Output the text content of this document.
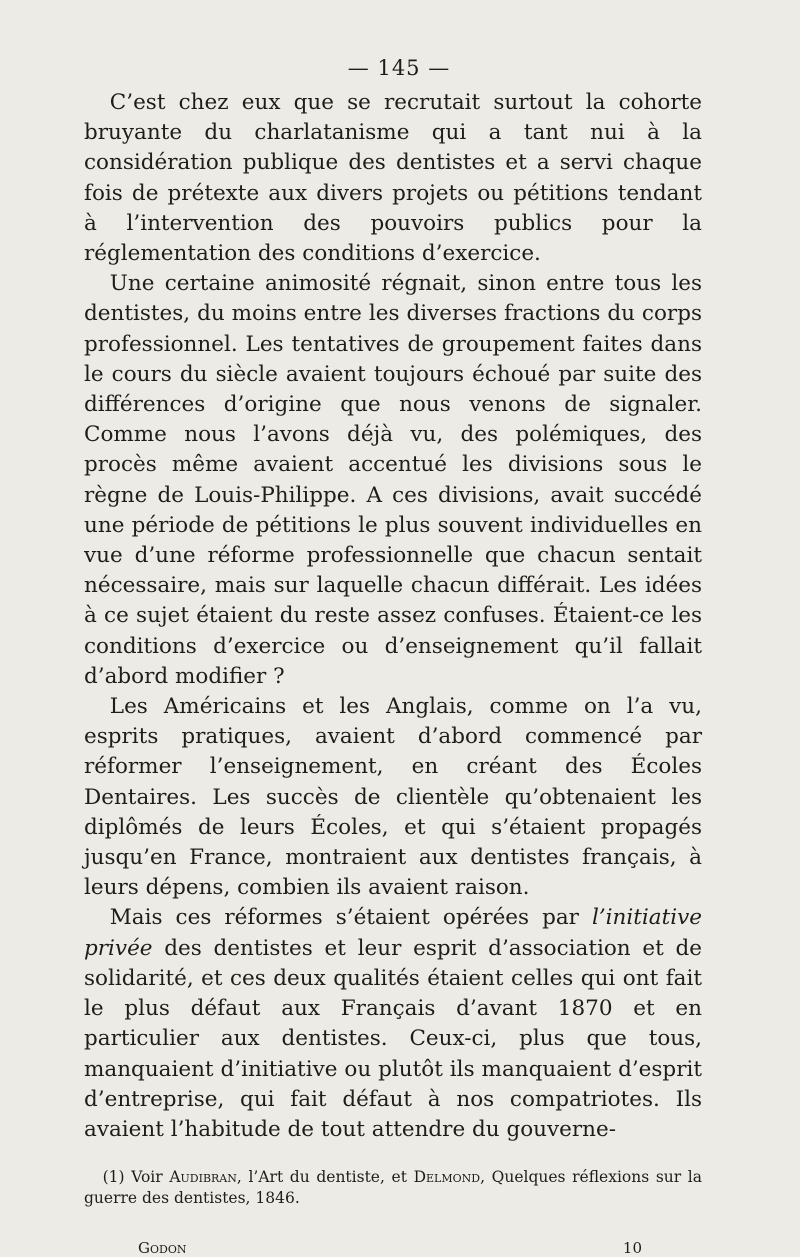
— 145 —

C’est chez eux que se recrutait surtout la cohorte bruyante du charlatanisme qui a tant nui à la considération publique des dentistes et a servi chaque fois de prétexte aux divers projets ou pétitions tendant à l’intervention des pouvoirs publics pour la réglementation des conditions d’exercice.

Une certaine animosité régnait, sinon entre tous les dentistes, du moins entre les diverses fractions du corps professionnel. Les tentatives de groupement faites dans le cours du siècle avaient toujours échoué par suite des différences d’origine que nous venons de signaler. Comme nous l’avons déjà vu, des polémiques, des procès même avaient accentué les divisions sous le règne de Louis-Philippe. A ces divisions, avait succédé une période de pétitions le plus souvent individuelles en vue d’une réforme professionnelle que chacun sentait nécessaire, mais sur laquelle chacun différait. Les idées à ce sujet étaient du reste assez confuses. Étaient-ce les conditions d’exercice ou d’enseignement qu’il fallait d’abord modifier ?

Les Américains et les Anglais, comme on l’a vu, esprits pratiques, avaient d’abord commencé par réformer l’enseignement, en créant des Écoles Dentaires. Les succès de clientèle qu’obtenaient les diplômés de leurs Écoles, et qui s’étaient propagés jusqu’en France, montraient aux dentistes français, à leurs dépens, combien ils avaient raison.

Mais ces réformes s’étaient opérées par l’initiative privée des dentistes et leur esprit d’association et de solidarité, et ces deux qualités étaient celles qui ont fait le plus défaut aux Français d’avant 1870 et en particulier aux dentistes. Ceux-ci, plus que tous, manquaient d’initiative ou plutôt ils manquaient d’esprit d’entreprise, qui fait défaut à nos compatriotes. Ils avaient l’habitude de tout attendre du gouverne-

(1) Voir Audibran, l’Art du dentiste, et Delmond, Quelques réflexions sur la guerre des dentistes, 1846.
Godon	10
